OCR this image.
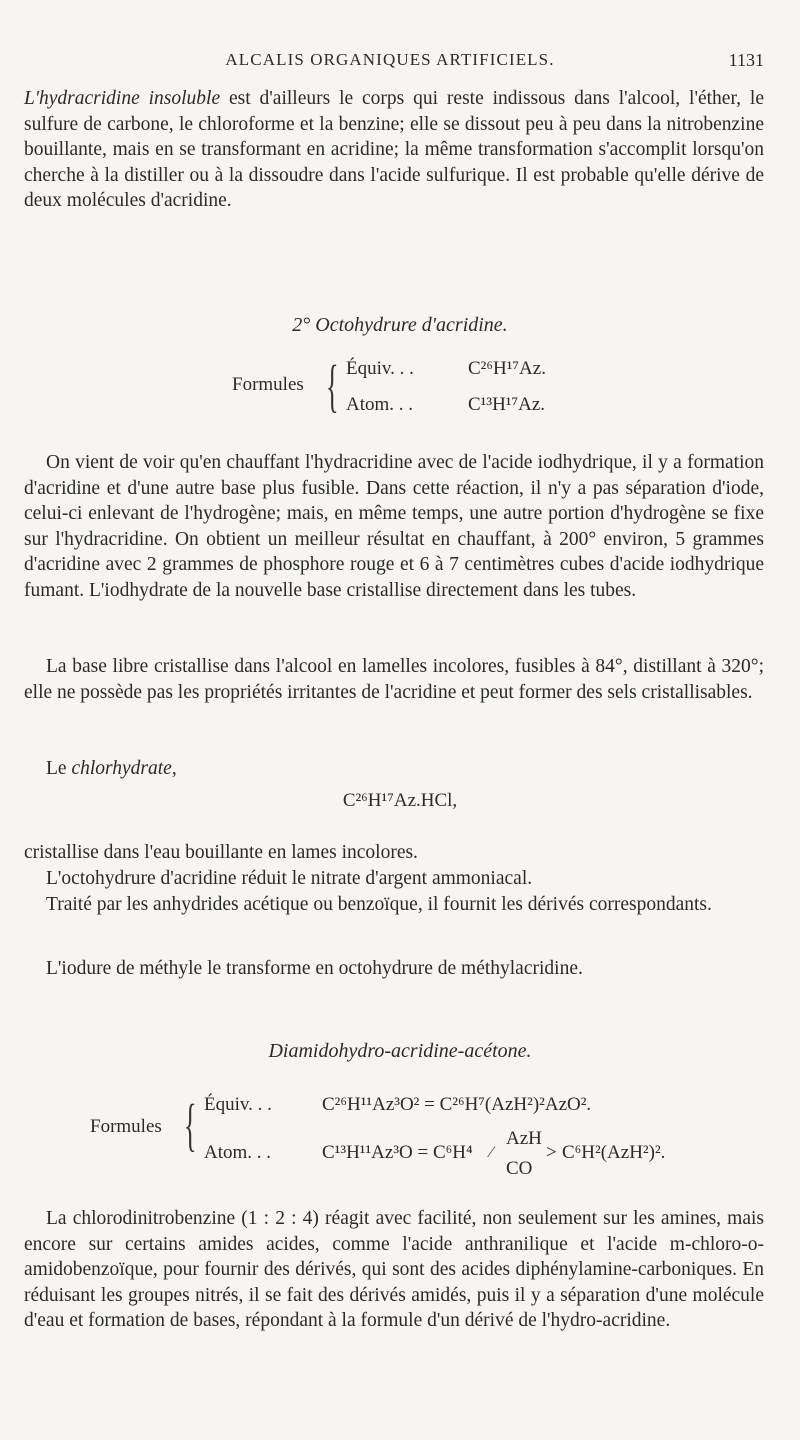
ALCALIS ORGANIQUES ARTIFICIELS.	1131

L'hydracridine insoluble est d'ailleurs le corps qui reste indissous dans l'alcool, l'éther, le sulfure de carbone, le chloroforme et la benzine; elle se dissout peu à peu dans la nitrobenzine bouillante, mais en se transformant en acridine; la même transformation s'accomplit lorsqu'on cherche à la distiller ou à la dissoudre dans l'acide sulfurique. Il est probable qu'elle dérive de deux molécules d'acridine.

2° Octohydrure d'acridine.
Formules { Équiv. . .	C²⁶H¹⁷Az.
Atom. . .	C¹³H¹⁷Az.

On vient de voir qu'en chauffant l'hydracridine avec de l'acide iodhydrique, il y a formation d'acridine et d'une autre base plus fusible. Dans cette réaction, il n'y a pas séparation d'iode, celui-ci enlevant de l'hydrogène; mais, en même temps, une autre portion d'hydrogène se fixe sur l'hydracridine. On obtient un meilleur résultat en chauffant, à 200° environ, 5 grammes d'acridine avec 2 grammes de phosphore rouge et 6 à 7 centimètres cubes d'acide iodhydrique fumant. L'iodhydrate de la nouvelle base cristallise directement dans les tubes.

La base libre cristallise dans l'alcool en lamelles incolores, fusibles à 84°, distillant à 320°; elle ne possède pas les propriétés irritantes de l'acridine et peut former des sels cristallisables.

Le chlorhydrate,

C²⁶H¹⁷Az.HCl,

cristallise dans l'eau bouillante en lames incolores.

L'octohydrure d'acridine réduit le nitrate d'argent ammoniacal.

Traité par les anhydrides acétique ou benzoïque, il fournit les dérivés correspondants.

L'iodure de méthyle le transforme en octohydrure de méthylacridine.

Diamidohydro-acridine-acétone.
Formules { Équiv. . .	C²⁶H¹¹Az³O² = C²⁶H⁷(AzH²)²AzO².
Atom. . .	C¹³H¹¹Az³O = C⁶H⁴ ⁄
AzH
CO
> C⁶H²(AzH²)².

La chlorodinitrobenzine (1 : 2 : 4) réagit avec facilité, non seulement sur les amines, mais encore sur certains amides acides, comme l'acide anthranilique et l'acide m-chloro-o-amidobenzoïque, pour fournir des dérivés, qui sont des acides diphénylamine-carboniques. En réduisant les groupes nitrés, il se fait des dérivés amidés, puis il y a séparation d'une molécule d'eau et formation de bases, répondant à la formule d'un dérivé de l'hydro-acridine.
